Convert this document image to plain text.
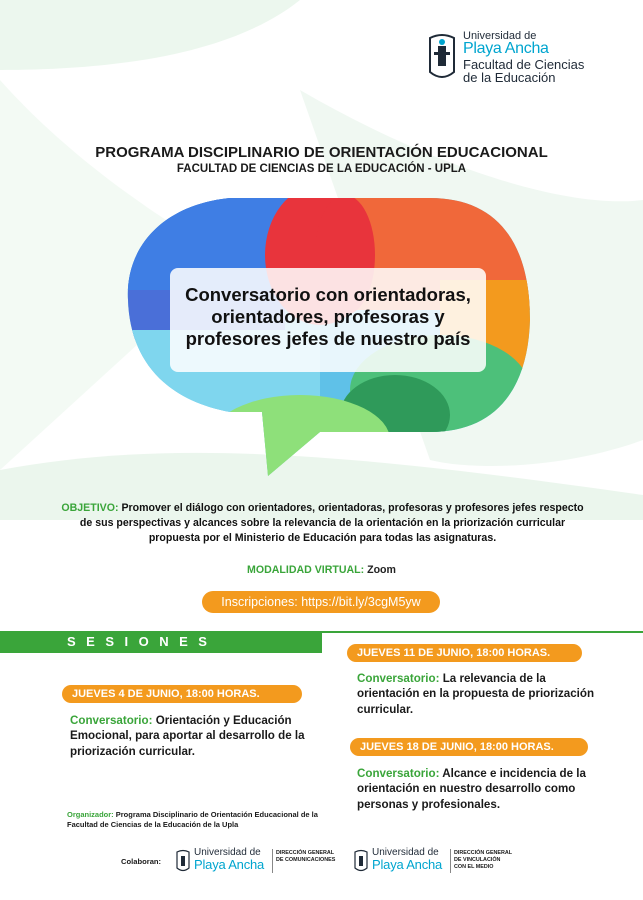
Universidad de
Playa Ancha
Facultad de Ciencias
de la Educación
PROGRAMA DISCIPLINARIO DE ORIENTACIÓN EDUCACIONAL
FACULTAD DE CIENCIAS DE LA EDUCACIÓN - UPLA
Conversatorio con orientadoras,
orientadores, profesoras y
profesores jefes de nuestro país
OBJETIVO: Promover el diálogo con orientadores, orientadoras, profesoras y profesores jefes respecto de sus perspectivas y alcances sobre la relevancia de la orientación en la priorización curricular propuesta por el Ministerio de Educación para todas las asignaturas.
MODALIDAD VIRTUAL: Zoom
Inscripciones: https://bit.ly/3cgM5yw
SESIONES
JUEVES 11 DE JUNIO, 18:00 HORAS.
Conversatorio: La relevancia de la orientación en la propuesta de priorización curricular.
JUEVES 4 DE JUNIO, 18:00 HORAS.
Conversatorio: Orientación y Educación Emocional, para aportar al desarrollo de la priorización curricular.	JUEVES 18 DE JUNIO, 18:00 HORAS.
Conversatorio: Alcance e incidencia de la orientación en nuestro desarrollo como personas y profesionales.
Organizador: Programa Disciplinario de Orientación Educacional de la Facultad de Ciencias de la Educación de la Upla
Colaboran:
Universidad de
Playa Ancha
DIRECCIÓN GENERAL
DE COMUNICACIONES
Universidad de
Playa Ancha
DIRECCIÓN GENERAL
DE VINCULACIÓN
CON EL MEDIO
